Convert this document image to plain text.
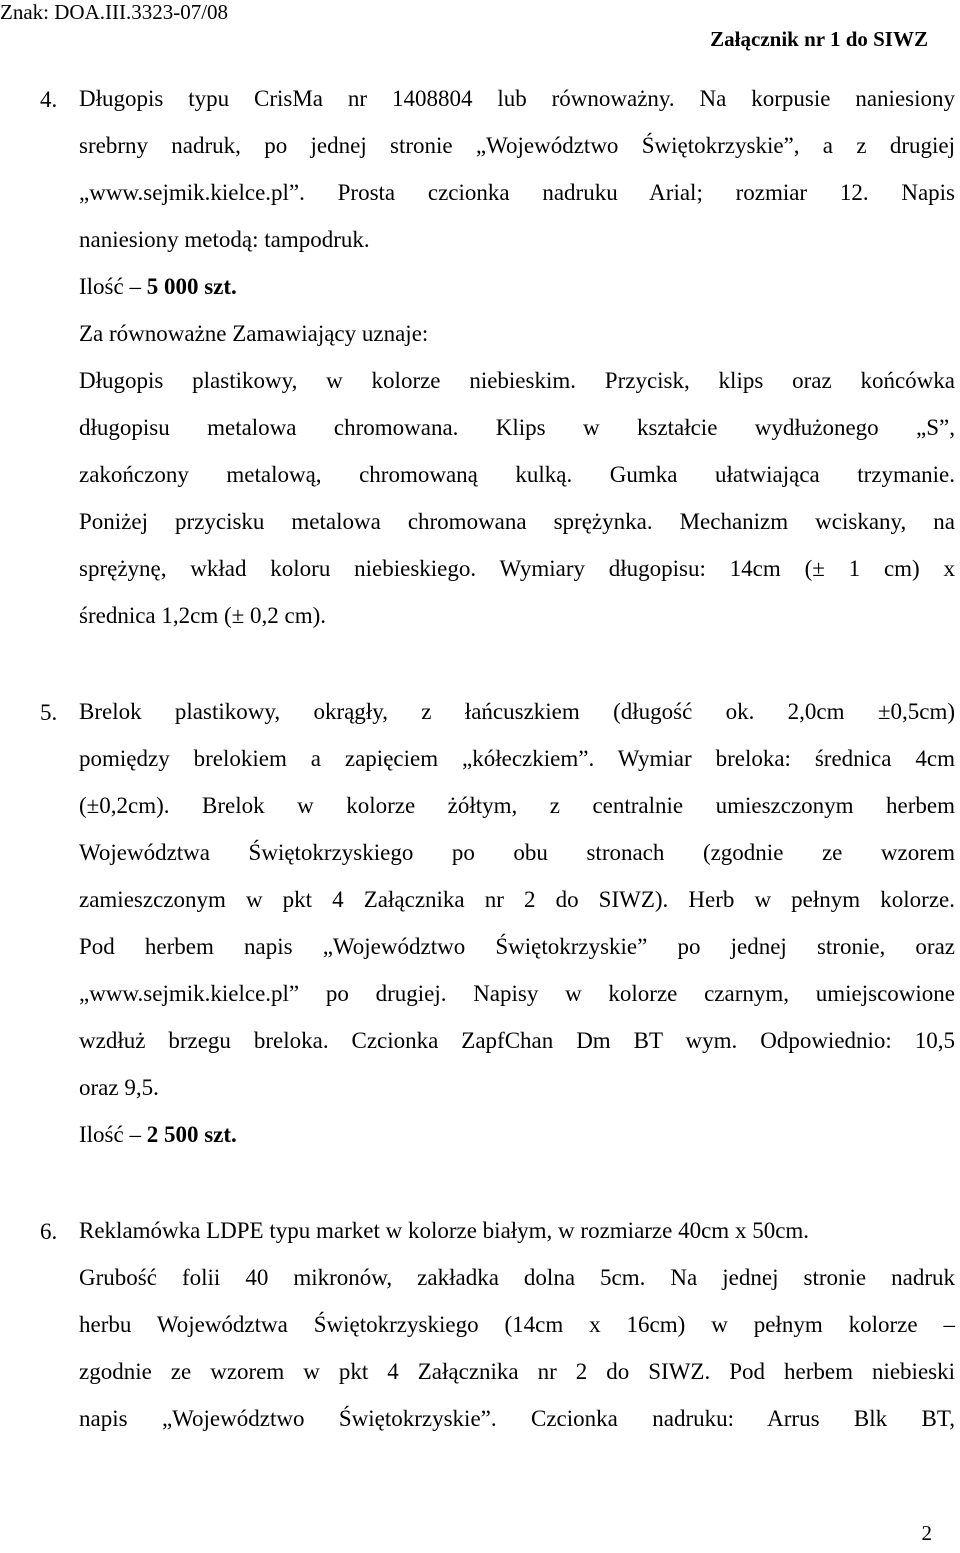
Znak: DOA.III.3323-07/08
Załącznik nr 1 do SIWZ
4. Długopis typu CrisMa nr 1408804 lub równoważny. Na korpusie naniesiony
srebrny nadruk, po jednej stronie „Województwo Świętokrzyskie”, a z drugiej
„www.sejmik.kielce.pl”. Prosta czcionka nadruku Arial; rozmiar 12. Napis
naniesiony metodą: tampodruk.
Ilość – 5 000 szt.
Za równoważne Zamawiający uznaje:
Długopis plastikowy, w kolorze niebieskim. Przycisk, klips oraz końcówka
długopisu metalowa chromowana. Klips w kształcie wydłużonego „S”,
zakończony metalową, chromowaną kulką. Gumka ułatwiająca trzymanie.
Poniżej przycisku metalowa chromowana sprężynka. Mechanizm wciskany, na
sprężynę, wkład koloru niebieskiego. Wymiary długopisu: 14cm (± 1 cm) x
średnica 1,2cm (± 0,2 cm).
5. Brelok plastikowy, okrągły, z łańcuszkiem (długość ok. 2,0cm ±0,5cm)
pomiędzy brelokiem a zapięciem „kółeczkiem”. Wymiar breloka: średnica 4cm
(±0,2cm). Brelok w kolorze żółtym, z centralnie umieszczonym herbem
Województwa Świętokrzyskiego po obu stronach (zgodnie ze wzorem
zamieszczonym w pkt 4 Załącznika nr 2 do SIWZ). Herb w pełnym kolorze.
Pod herbem napis „Województwo Świętokrzyskie” po jednej stronie, oraz
„www.sejmik.kielce.pl” po drugiej. Napisy w kolorze czarnym, umiejscowione
wzdłuż brzegu breloka. Czcionka ZapfChan Dm BT wym. Odpowiednio: 10,5
oraz 9,5.
Ilość – 2 500 szt.
6. Reklamówka LDPE typu market w kolorze białym, w rozmiarze 40cm x 50cm.
Grubość folii 40 mikronów, zakładka dolna 5cm. Na jednej stronie nadruk
herbu Województwa Świętokrzyskiego (14cm x 16cm) w pełnym kolorze –
zgodnie ze wzorem w pkt 4 Załącznika nr 2 do SIWZ. Pod herbem niebieski
napis „Województwo Świętokrzyskie”. Czcionka nadruku: Arrus Blk BT,
2
